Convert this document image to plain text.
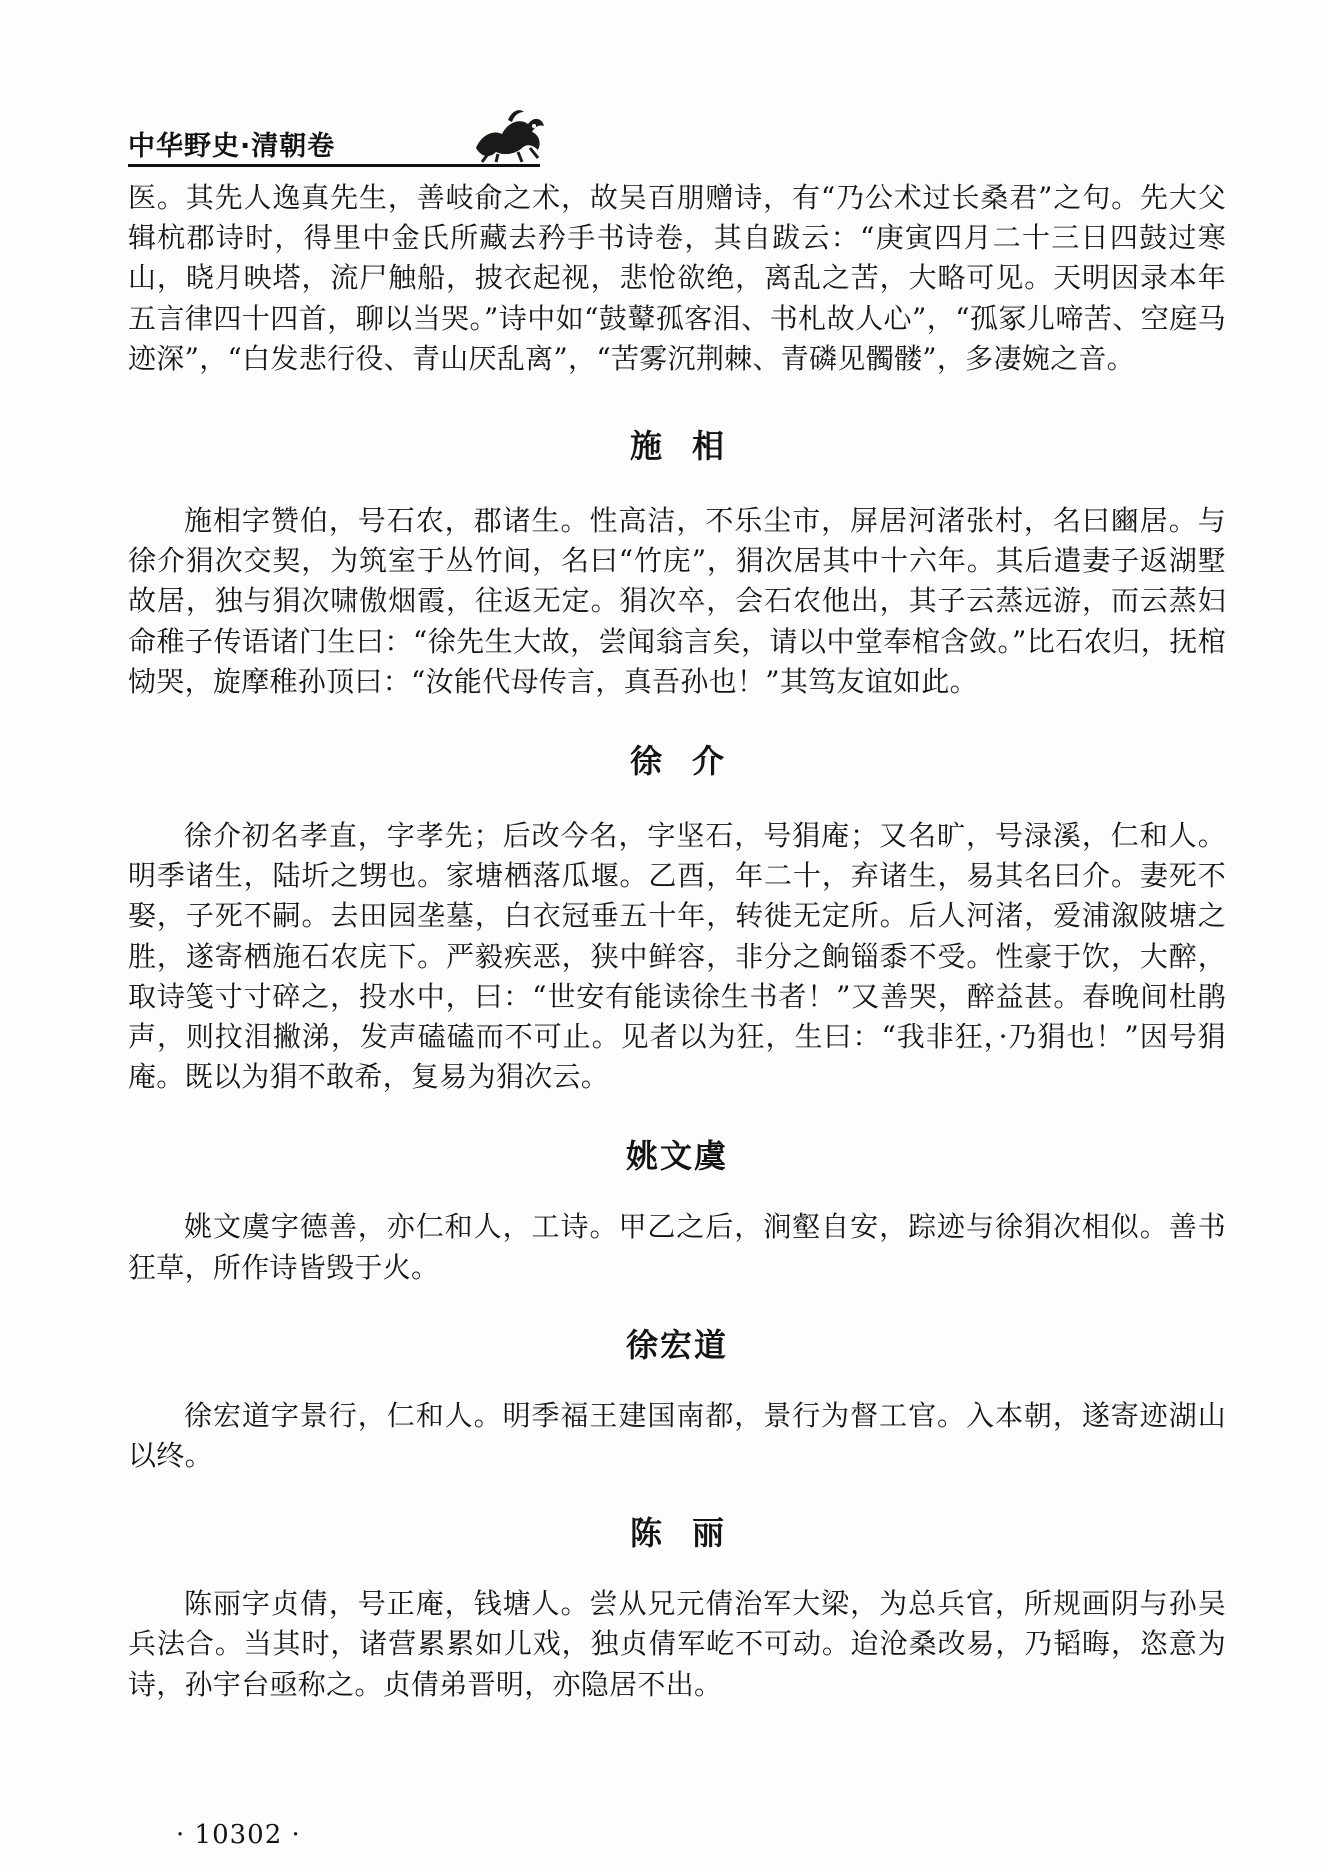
中华野史·清朝卷

医。其先人逸真先生，善岐俞之术，故吴百朋赠诗，有“乃公术过长桑君”之句。先大父辑杭郡诗时，得里中金氏所藏去矜手书诗卷，其自跋云：“庚寅四月二十三日四鼓过寒山，晓月映塔，流尸触船，披衣起视，悲怆欲绝，离乱之苦，大略可见。天明因录本年五言律四十四首，聊以当哭。”诗中如“鼓鼙孤客泪、书札故人心”，“孤冢儿啼苦、空庭马迹深”，“白发悲行役、青山厌乱离”，“苦雾沉荆棘、青磷见髑髅”，多凄婉之音。

施相

施相字赞伯，号石农，郡诸生。性高洁，不乐尘市，屏居河渚张村，名曰豳居。与徐介狷次交契，为筑室于丛竹间，名曰“竹庑”，狷次居其中十六年。其后遣妻子返湖墅故居，独与狷次啸傲烟霞，往返无定。狷次卒，会石农他出，其子云蒸远游，而云蒸妇命稚子传语诸门生曰：“徐先生大故，尝闻翁言矣，请以中堂奉棺含敛。”比石农归，抚棺恸哭，旋摩稚孙顶曰：“汝能代母传言，真吾孙也！”其笃友谊如此。

徐介

徐介初名孝直，字孝先；后改今名，字坚石，号狷庵；又名旷，号渌溪，仁和人。明季诸生，陆圻之甥也。家塘栖落瓜堰。乙酉，年二十，弃诸生，易其名曰介。妻死不娶，子死不嗣。去田园垄墓，白衣冠垂五十年，转徙无定所。后人河渚，爱浦溆陂塘之胜，遂寄栖施石农庑下。严毅疾恶，狭中鲜容，非分之餉锱黍不受。性豪于饮，大醉，取诗笺寸寸碎之，投水中，曰：“世安有能读徐生书者！”又善哭，醉益甚。春晚间杜鹃声，则抆泪撇涕，发声磕磕而不可止。见者以为狂，生曰：“我非狂，·乃狷也！”因号狷庵。既以为狷不敢希，复易为狷次云。

姚文虞

姚文虞字德善，亦仁和人，工诗。甲乙之后，涧壑自安，踪迹与徐狷次相似。善书狂草，所作诗皆毁于火。

徐宏道

徐宏道字景行，仁和人。明季福王建国南都，景行为督工官。入本朝，遂寄迹湖山以终。

陈丽

陈丽字贞倩，号正庵，钱塘人。尝从兄元倩治军大梁，为总兵官，所规画阴与孙吴兵法合。当其时，诸营累累如儿戏，独贞倩军屹不可动。迨沧桑改易，乃韬晦，恣意为诗，孙宇台亟称之。贞倩弟晋明，亦隐居不出。

· 10302 ·
